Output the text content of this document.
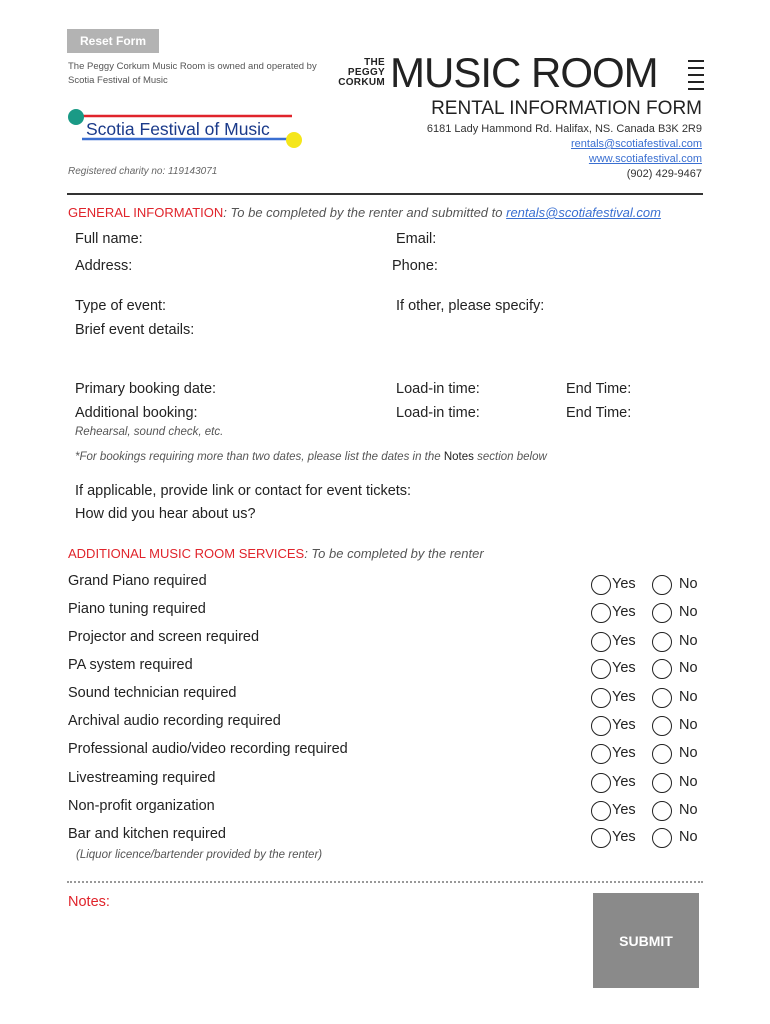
Reset Form
The Peggy Corkum Music Room is owned and operated by Scotia Festival of Music
THE
PEGGY
CORKUM MUSIC ROOM
Scotia Festival of Music
RENTAL INFORMATION FORM
6181 Lady Hammond Rd. Halifax, NS. Canada B3K 2R9
rentals@scotiafestival.com
www.scotiafestival.com
(902) 429-9467
Registered charity no: 119143071
GENERAL INFORMATION: To be completed by the renter and submitted to rentals@scotiafestival.com
Full name:	Email:
Address:	Phone:
Type of event:	If other, please specify:
Brief event details:
Primary booking date:	Load-in time:	End Time:
Additional booking:	Load-in time:	End Time:
Rehearsal, sound check, etc.
*For bookings requiring more than two dates, please list the dates in the Notes section below
If applicable, provide link or contact for event tickets:
How did you hear about us?
ADDITIONAL MUSIC ROOM SERVICES: To be completed by the renter
Grand Piano required	Yes	No
Piano tuning required	Yes	No
Projector and screen required	Yes	No
PA system required	Yes	No
Sound technician required	Yes	No
Archival audio recording required	Yes	No
Professional audio/video recording required	Yes	No
Livestreaming required	Yes	No
Non-profit organization	Yes	No
Bar and kitchen required	Yes	No
(Liquor licence/bartender provided by the renter)
Notes:
SUBMIT
